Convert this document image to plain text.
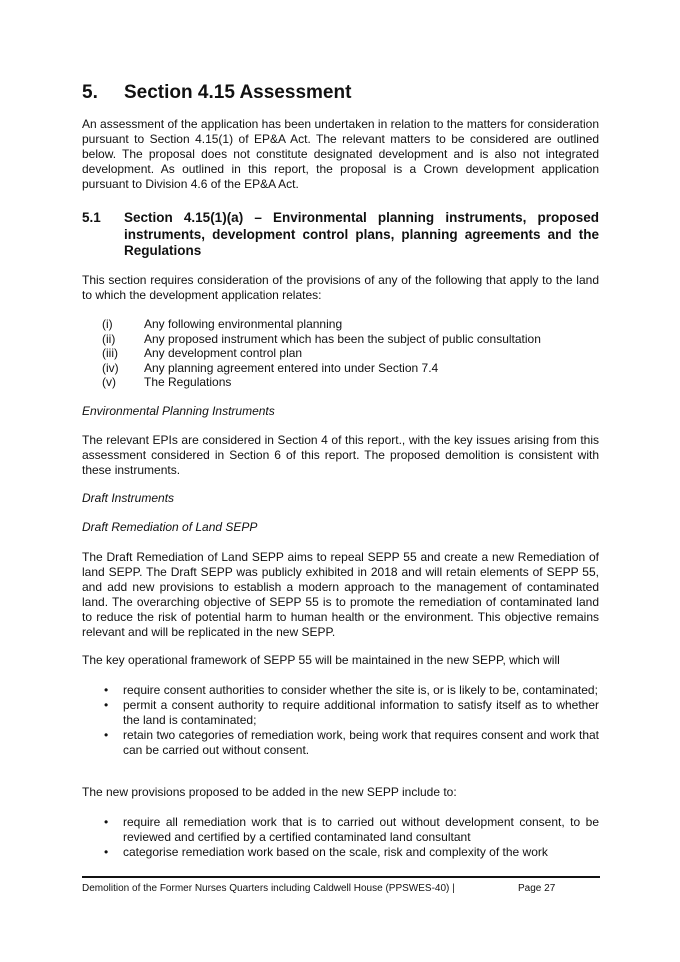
5. Section 4.15 Assessment

An assessment of the application has been undertaken in relation to the matters for consideration pursuant to Section 4.15(1) of EP&A Act. The relevant matters to be considered are outlined below. The proposal does not constitute designated development and is also not integrated development. As outlined in this report, the proposal is a Crown development application pursuant to Division 4.6 of the EP&A Act.

5.1 Section 4.15(1)(a) – Environmental planning instruments, proposed instruments, development control plans, planning agreements and the Regulations

This section requires consideration of the provisions of any of the following that apply to the land to which the development application relates:

(i)	Any following environmental planning
(ii)	Any proposed instrument which has been the subject of public consultation
(iii)	Any development control plan
(iv)	Any planning agreement entered into under Section 7.4
(v)	The Regulations
Environmental Planning Instruments

The relevant EPIs are considered in Section 4 of this report., with the key issues arising from this assessment considered in Section 6 of this report. The proposed demolition is consistent with these instruments.

Draft Instruments
Draft Remediation of Land SEPP

The Draft Remediation of Land SEPP aims to repeal SEPP 55 and create a new Remediation of land SEPP. The Draft SEPP was publicly exhibited in 2018 and will retain elements of SEPP 55, and add new provisions to establish a modern approach to the management of contaminated land. The overarching objective of SEPP 55 is to promote the remediation of contaminated land to reduce the risk of potential harm to human health or the environment. This objective remains relevant and will be replicated in the new SEPP.

The key operational framework of SEPP 55 will be maintained in the new SEPP, which will

•	require consent authorities to consider whether the site is, or is likely to be, contaminated;
•	permit a consent authority to require additional information to satisfy itself as to whether the land is contaminated;
•	retain two categories of remediation work, being work that requires consent and work that can be carried out without consent.

The new provisions proposed to be added in the new SEPP include to:

•	require all remediation work that is to carried out without development consent, to be reviewed and certified by a certified contaminated land consultant
•	categorise remediation work based on the scale, risk and complexity of the work
Demolition of the Former Nurses Quarters including Caldwell House (PPSWES-40) |	Page 27
